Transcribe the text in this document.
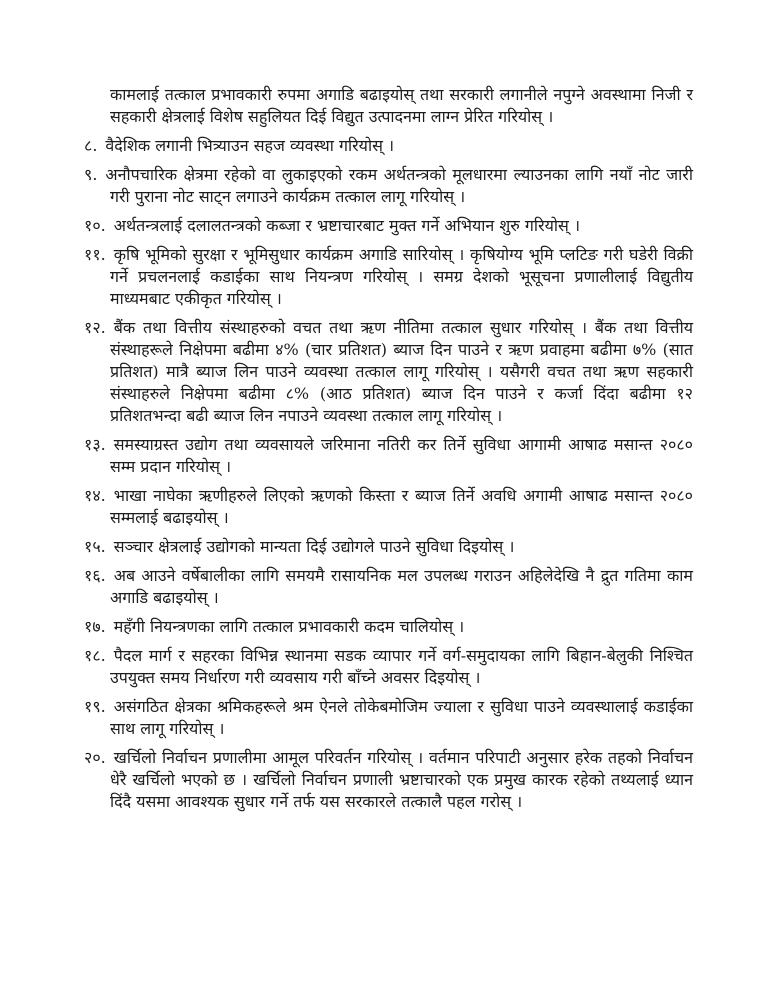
कामलाई तत्काल प्रभावकारी रुपमा अगाडि बढाइयोस् तथा सरकारी लगानीले नपुग्ने अवस्थामा निजी र सहकारी क्षेत्रलाई विशेष सहुलियत दिई विद्युत उत्पादनमा लाग्न प्रेरित गरियोस् ।

८. वैदेशिक लगानी भित्र्याउन सहज व्यवस्था गरियोस् ।

९. अनौपचारिक क्षेत्रमा रहेको वा लुकाइएको रकम अर्थतन्त्रको मूलधारमा ल्याउनका लागि नयाँ नोट जारी गरी पुराना नोट साट्न लगाउने कार्यक्रम तत्काल लागू गरियोस् ।

१०. अर्थतन्त्रलाई दलालतन्त्रको कब्जा र भ्रष्टाचारबाट मुक्त गर्ने अभियान शुरु गरियोस् ।

११. कृषि भूमिको सुरक्षा र भूमिसुधार कार्यक्रम अगाडि सारियोस् । कृषियोग्य भूमि प्लटिङ गरी घडेरी विक्री गर्ने प्रचलनलाई कडाईका साथ नियन्त्रण गरियोस् । समग्र देशको भूसूचना प्रणालीलाई विद्युतीय माध्यमबाट एकीकृत गरियोस् ।

१२. बैंक तथा वित्तीय संस्थाहरुको वचत तथा ऋण नीतिमा तत्काल सुधार गरियोस् । बैंक तथा वित्तीय संस्थाहरूले निक्षेपमा बढीमा ४% (चार प्रतिशत) ब्याज दिन पाउने र ऋण प्रवाहमा बढीमा ७% (सात प्रतिशत) मात्रै ब्याज लिन पाउने व्यवस्था तत्काल लागू गरियोस् । यसैगरी वचत तथा ऋण सहकारी संस्थाहरुले निक्षेपमा बढीमा ८% (आठ प्रतिशत) ब्याज दिन पाउने र कर्जा दिंदा बढीमा १२ प्रतिशतभन्दा बढी ब्याज लिन नपाउने व्यवस्था तत्काल लागू गरियोस् ।

१३. समस्याग्रस्त उद्योग तथा व्यवसायले जरिमाना नतिरी कर तिर्ने सुविधा आगामी आषाढ मसान्त २०८० सम्म प्रदान गरियोस् ।

१४. भाखा नाघेका ऋणीहरुले लिएको ऋणको किस्ता र ब्याज तिर्ने अवधि अगामी आषाढ मसान्त २०८० सम्मलाई बढाइयोस् ।

१५. सञ्चार क्षेत्रलाई उद्योगको मान्यता दिई उद्योगले पाउने सुविधा दिइयोस् ।

१६. अब आउने वर्षेबालीका लागि समयमै रासायनिक मल उपलब्ध गराउन अहिलेदेखि नै द्रुत गतिमा काम अगाडि बढाइयोस् ।

१७. महँगी नियन्त्रणका लागि तत्काल प्रभावकारी कदम चालियोस् ।

१८. पैदल मार्ग र सहरका विभिन्न स्थानमा सडक व्यापार गर्ने वर्ग-समुदायका लागि बिहान-बेलुकी निश्चित उपयुक्त समय निर्धारण गरी व्यवसाय गरी बाँच्ने अवसर दिइयोस् ।

१९. असंगठित क्षेत्रका श्रमिकहरूले श्रम ऐनले तोकेबमोजिम ज्याला र सुविधा पाउने व्यवस्थालाई कडाईका साथ लागू गरियोस् ।

२०. खर्चिलो निर्वाचन प्रणालीमा आमूल परिवर्तन गरियोस् । वर्तमान परिपाटी अनुसार हरेक तहको निर्वाचन धेरै खर्चिलो भएको छ । खर्चिलो निर्वाचन प्रणाली भ्रष्टाचारको एक प्रमुख कारक रहेको तथ्यलाई ध्यान दिंदै यसमा आवश्यक सुधार गर्ने तर्फ यस सरकारले तत्कालै पहल गरोस् ।
